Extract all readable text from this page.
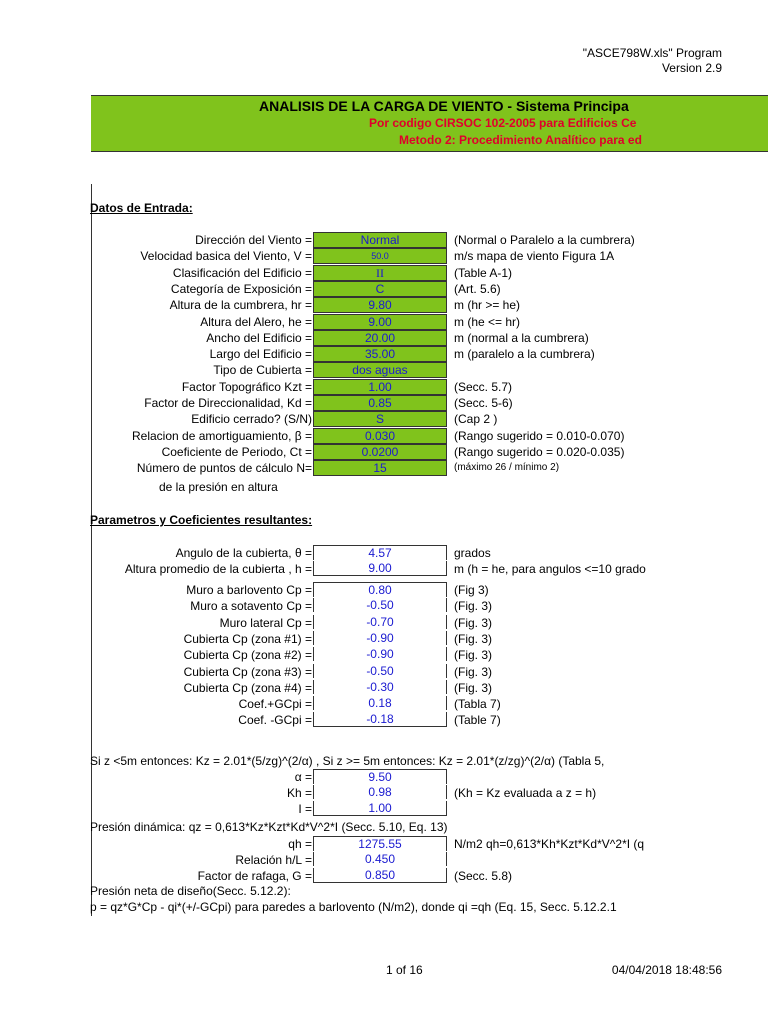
"ASCE798W.xls" Program
Version 2.9
ANALISIS DE LA CARGA DE VIENTO - Sistema Principa
Por codigo CIRSOC 102-2005 para Edificios Ce
Metodo 2: Procedimiento Analítico para ed
Datos de Entrada:
Dirección del Viento =	Normal	(Normal o Paralelo a la cumbrera)
Velocidad basica del Viento, V =	50.0	m/s mapa de viento Figura 1A
Clasificación del Edificio =	II	(Table A-1)
Categoría de Exposición =	C	(Art. 5.6)
Altura de la cumbrera, hr =	9.80	m (hr >= he)
Altura del Alero, he =	9.00	m (he <= hr)
Ancho del Edificio =	20.00	m (normal a la cumbrera)
Largo del Edificio =	35.00	m (paralelo a la cumbrera)
Tipo de Cubierta =	dos aguas
Factor Topográfico Kzt =	1.00	(Secc. 5.7)
Factor de Direccionalidad, Kd =	0.85	(Secc. 5-6)
Edificio cerrado? (S/N)	S	(Cap 2 )
Relacion de amortiguamiento, β =	0.030	(Rango sugerido = 0.010-0.070)
Coeficiente de Periodo, Ct =	0.0200	(Rango sugerido = 0.020-0.035)
Número de puntos de cálculo N=	15	(máximo 26 / mínimo 2)
de la presión en altura
Parametros y Coeficientes resultantes:
Angulo de la cubierta, θ =	4.57	grados
Altura promedio de la cubierta , h =	9.00	m (h = he, para angulos <=10 grado
Muro a barlovento Cp =	0.80	(Fig 3)
Muro a sotavento Cp =	-0.50	(Fig. 3)
Muro lateral Cp =	-0.70	(Fig. 3)
Cubierta Cp (zona #1) =	-0.90	(Fig. 3)
Cubierta Cp (zona #2) =	-0.90	(Fig. 3)
Cubierta Cp (zona #3) =	-0.50	(Fig. 3)
Cubierta Cp (zona #4) =	-0.30	(Fig. 3)
Coef.+GCpi =	0.18	(Tabla 7)
Coef. -GCpi =	-0.18	(Table 7)
Si z <5m entonces: Kz = 2.01*(5/zg)^(2/α) , Si z >= 5m entonces: Kz = 2.01*(z/zg)^(2/α) (Tabla 5,
α =	9.50
Kh =	0.98	(Kh = Kz evaluada a z = h)
I =	1.00
Presión dinámica: qz = 0,613*Kz*Kzt*Kd*V^2*I (Secc. 5.10, Eq. 13)
qh =	1275.55	N/m2 qh=0,613*Kh*Kzt*Kd*V^2*I (q
Relación h/L =	0.450
Factor de rafaga, G =	0.850	(Secc. 5.8)
Presión neta de diseño(Secc. 5.12.2):
p = qz*G*Cp - qi*(+/-GCpi) para paredes a barlovento (N/m2), donde qi =qh (Eq. 15, Secc. 5.12.2.1
1 of 16	04/04/2018 18:48:56
